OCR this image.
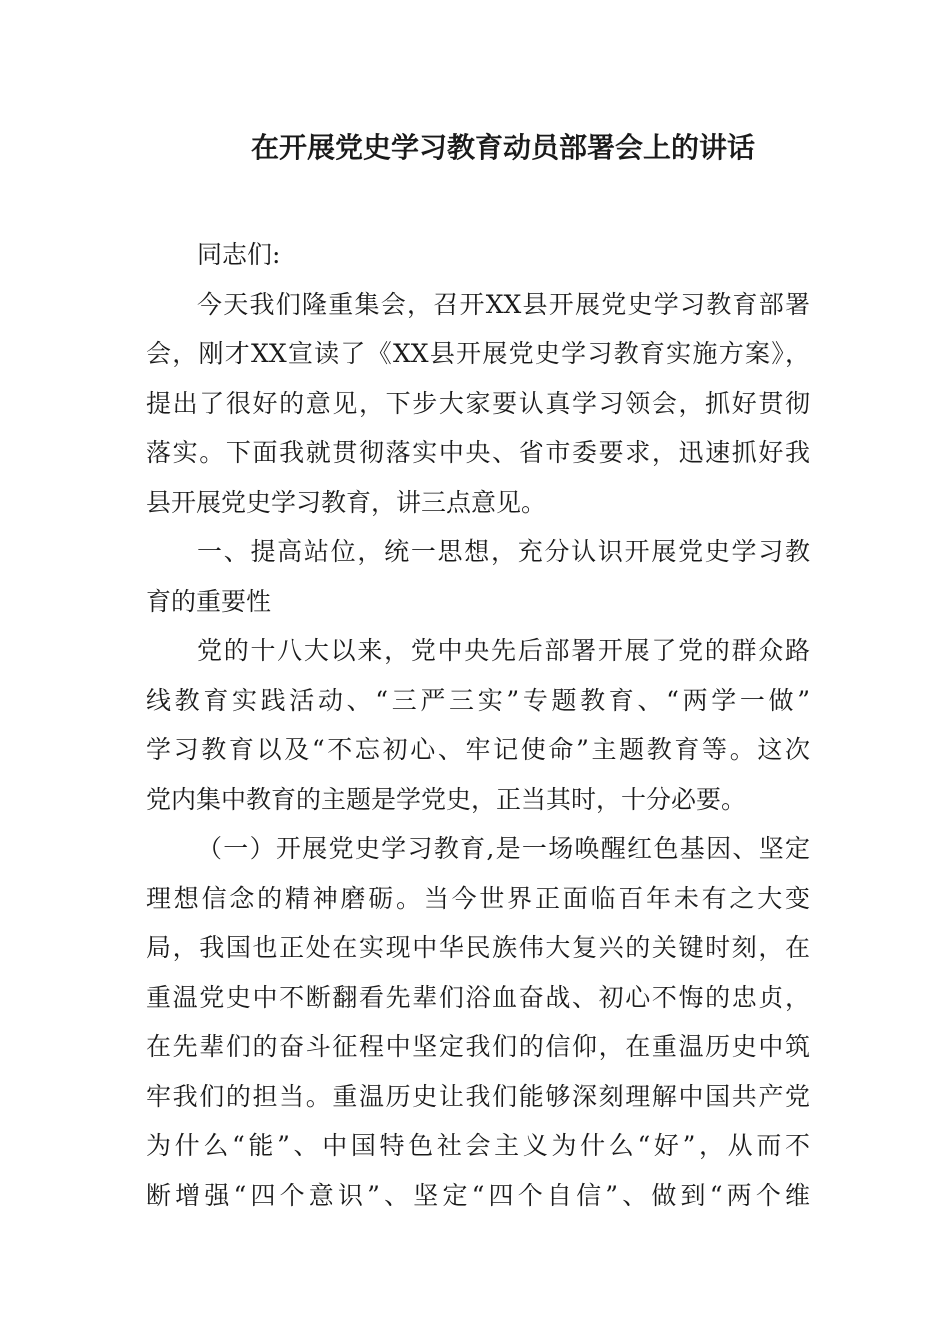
在开展党史学习教育动员部署会上的讲话
同志们:
今天我们隆重集会，召开XX县开展党史学习教育部署
会，刚才XX宣读了《XX县开展党史学习教育实施方案》，
提出了很好的意见，下步大家要认真学习领会，抓好贯彻
落实。下面我就贯彻落实中央、省市委要求，迅速抓好我
县开展党史学习教育，讲三点意见。
一、提高站位，统一思想，充分认识开展党史学习教
育的重要性
党的十八大以来，党中央先后部署开展了党的群众路
线教育实践活动、“三严三实”专题教育、“两学一做”
学习教育以及“不忘初心、牢记使命”主题教育等。这次
党内集中教育的主题是学党史，正当其时，十分必要。
（一）开展党史学习教育,是一场唤醒红色基因、坚定
理想信念的精神磨砺。当今世界正面临百年未有之大变
局，我国也正处在实现中华民族伟大复兴的关键时刻，在
重温党史中不断翻看先辈们浴血奋战、初心不悔的忠贞，
在先辈们的奋斗征程中坚定我们的信仰，在重温历史中筑
牢我们的担当。重温历史让我们能够深刻理解中国共产党
为什么“能”、中国特色社会主义为什么“好”，从而不
断增强“四个意识”、坚定“四个自信”、做到“两个维
